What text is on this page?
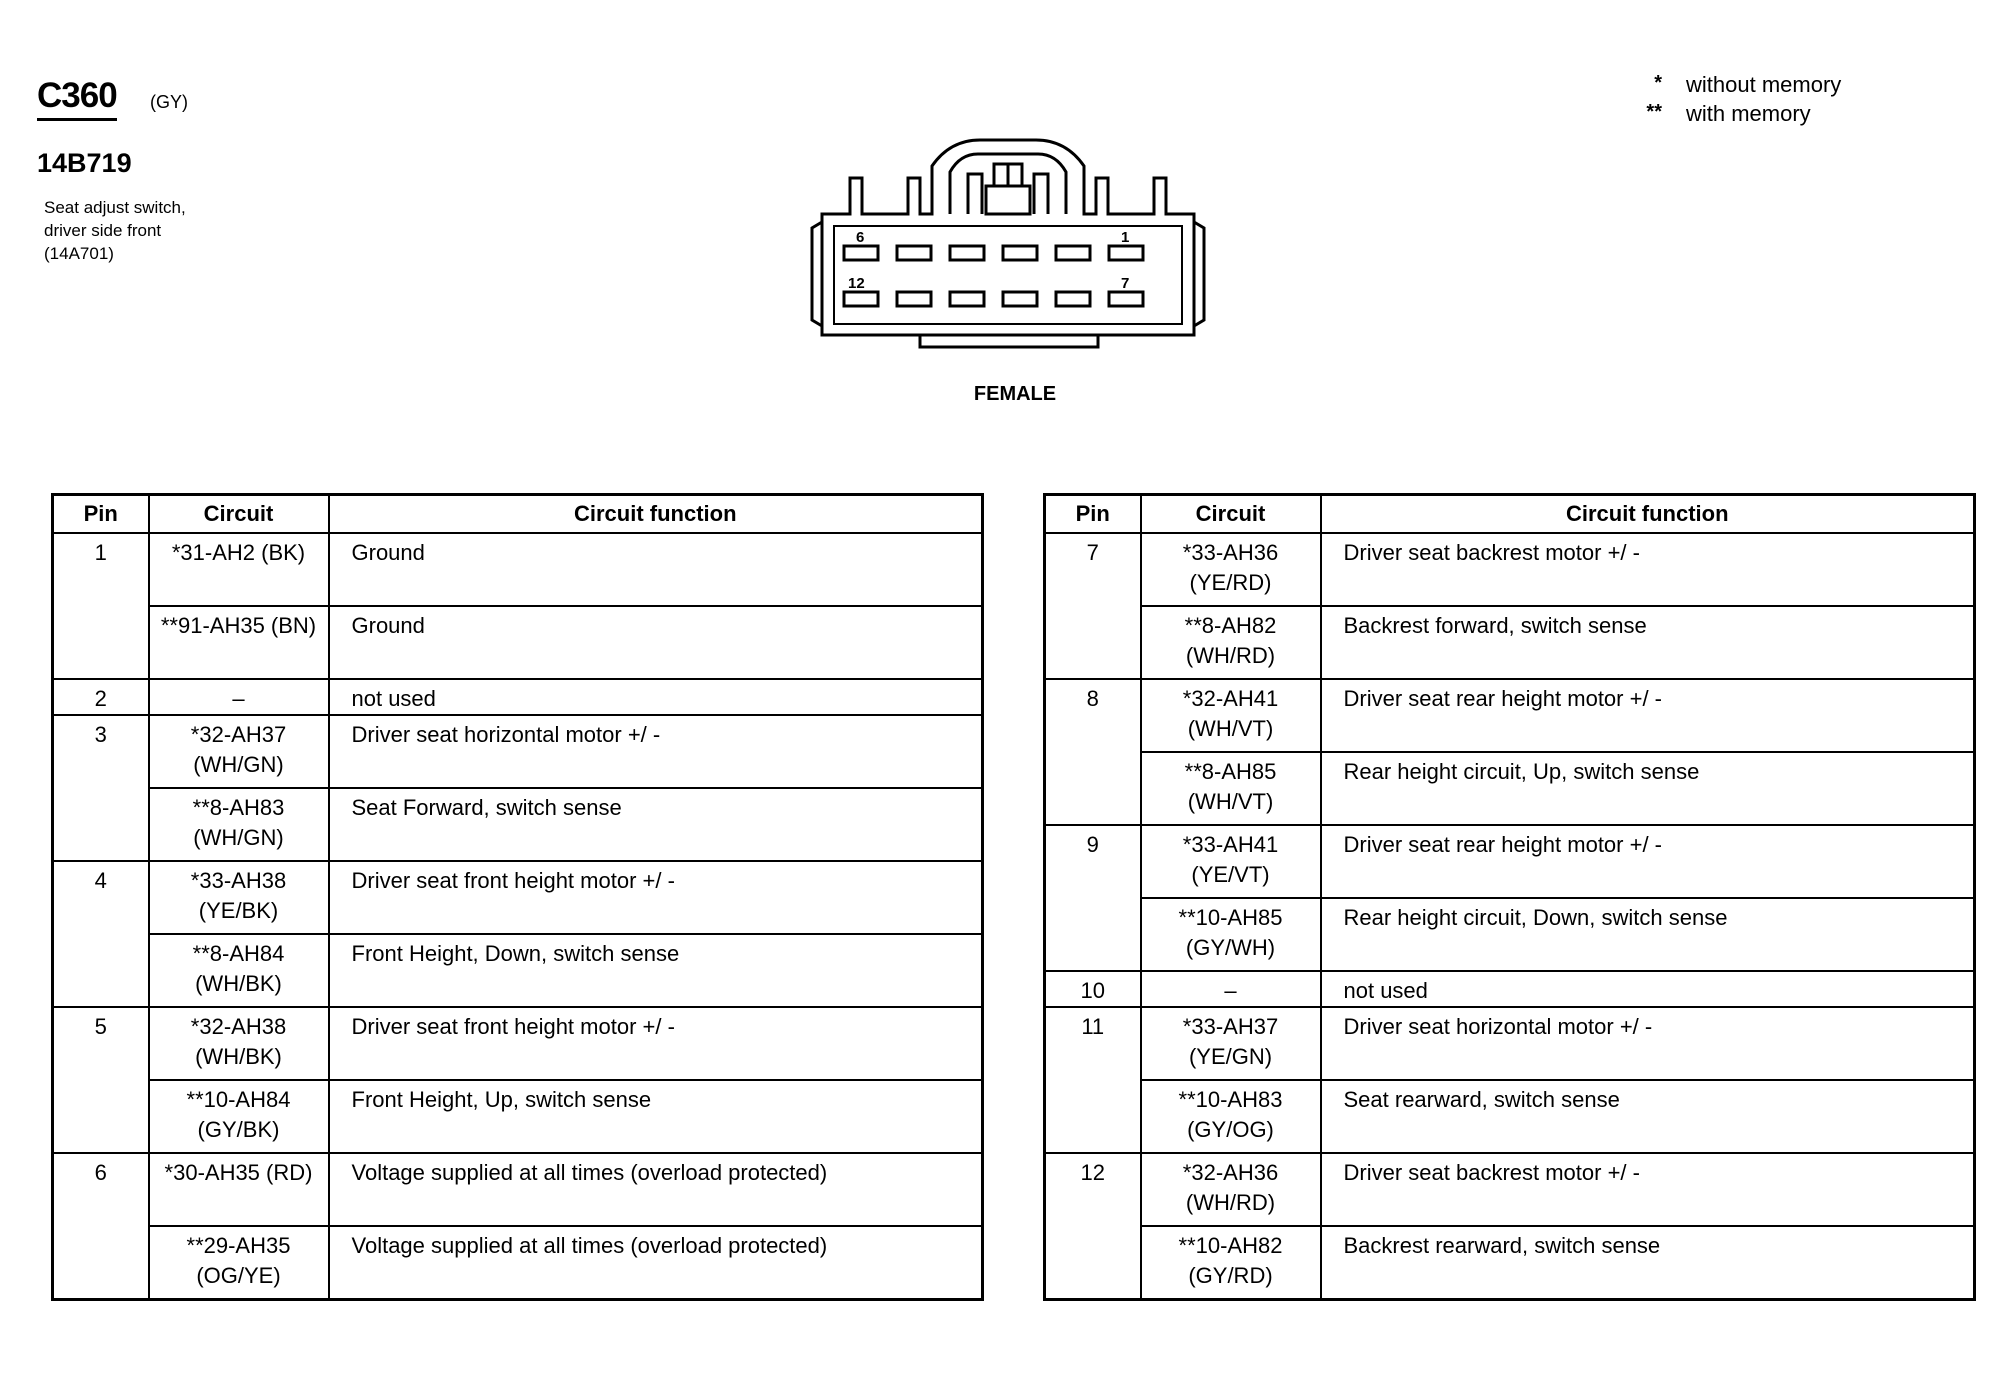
C360 (GY)
14B719
Seat adjust switch,
driver side front
(14A701)
* without memory
** with memory
6	1
12	7
FEMALE
Pin	Circuit	Circuit function
1	*31-AH2 (BK)	Ground
	**91-AH35 (BN)	Ground
2	–	not used
3	*32-AH37 (WH/GN)	Driver seat horizontal motor +/ -
	**8-AH83 (WH/GN)	Seat Forward, switch sense
4	*33-AH38 (YE/BK)	Driver seat front height motor +/ -
	**8-AH84 (WH/BK)	Front Height, Down, switch sense
5	*32-AH38 (WH/BK)	Driver seat front height motor +/ -
	**10-AH84 (GY/BK)	Front Height, Up, switch sense
6	*30-AH35 (RD)	Voltage supplied at all times (overload protected)
	**29-AH35 (OG/YE)	Voltage supplied at all times (overload protected)
Pin	Circuit	Circuit function
7	*33-AH36 (YE/RD)	Driver seat backrest motor +/ -
	**8-AH82 (WH/RD)	Backrest forward, switch sense
8	*32-AH41 (WH/VT)	Driver seat rear height motor +/ -
	**8-AH85 (WH/VT)	Rear height circuit, Up, switch sense
9	*33-AH41 (YE/VT)	Driver seat rear height motor +/ -
	**10-AH85 (GY/WH)	Rear height circuit, Down, switch sense
10	–	not used
11	*33-AH37 (YE/GN)	Driver seat horizontal motor +/ -
	**10-AH83 (GY/OG)	Seat rearward, switch sense
12	*32-AH36 (WH/RD)	Driver seat backrest motor +/ -
	**10-AH82 (GY/RD)	Backrest rearward, switch sense
